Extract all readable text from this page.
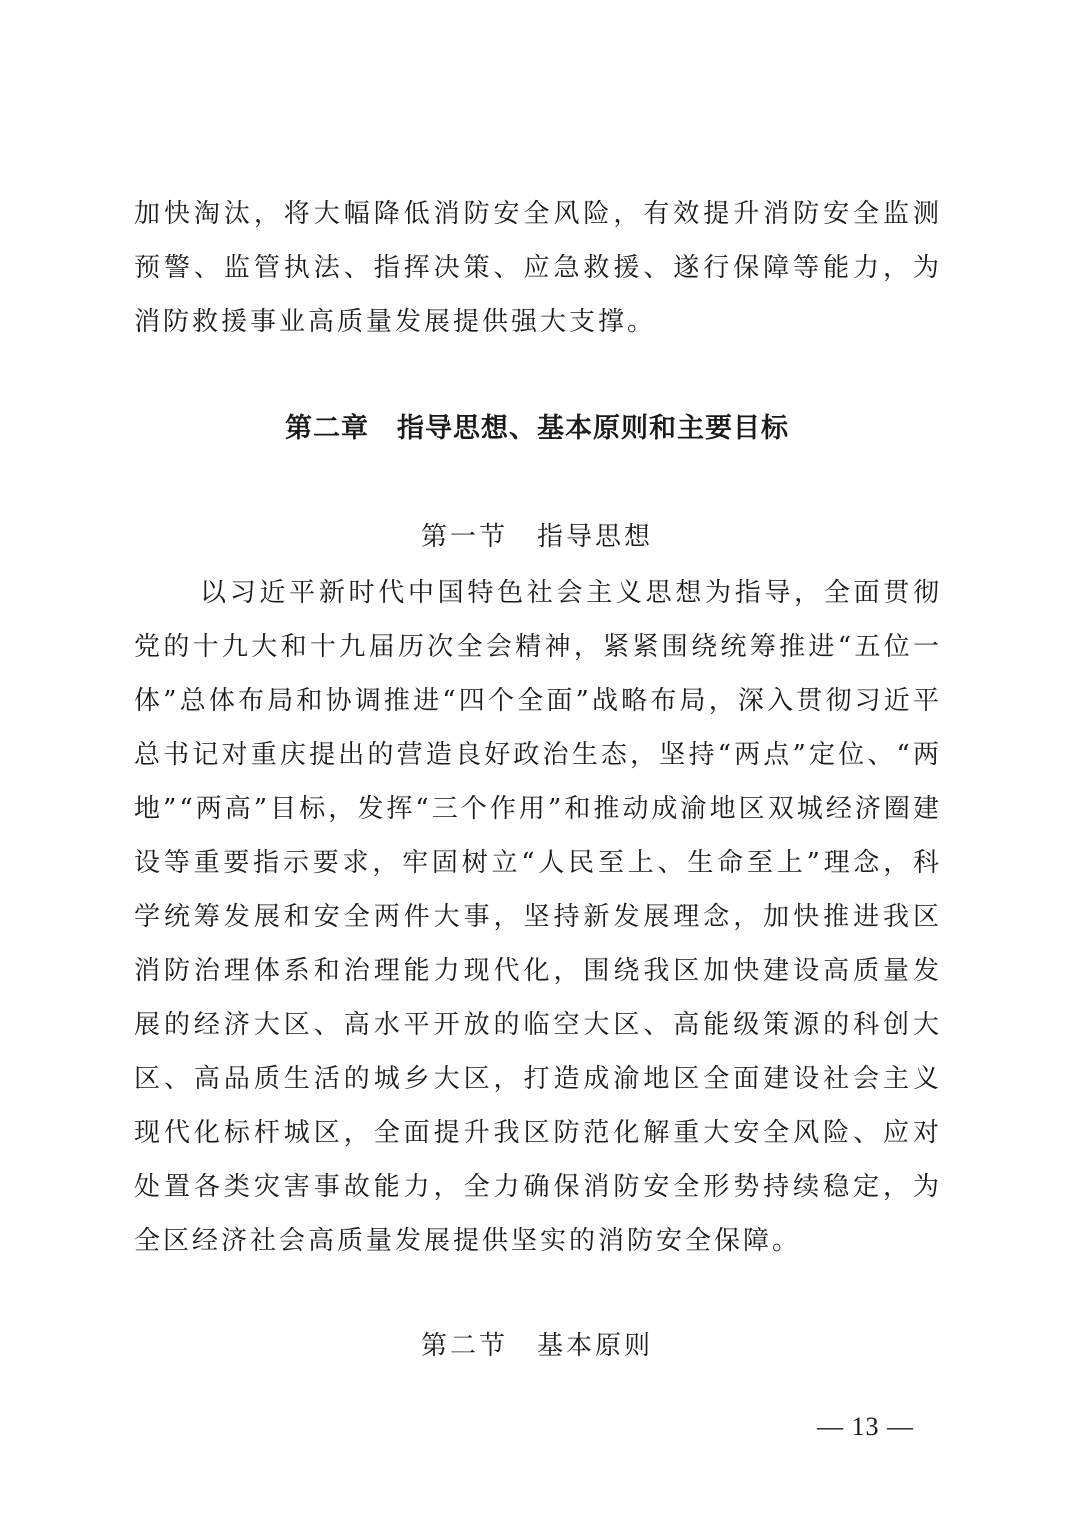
加快淘汰，将大幅降低消防安全风险，有效提升消防安全监测预警、监管执法、指挥决策、应急救援、遂行保障等能力，为消防救援事业高质量发展提供强大支撑。

第二章　指导思想、基本原则和主要目标
第一节　指导思想

以习近平新时代中国特色社会主义思想为指导，全面贯彻党的十九大和十九届历次全会精神，紧紧围绕统筹推进“五位一体”总体布局和协调推进“四个全面”战略布局，深入贯彻习近平总书记对重庆提出的营造良好政治生态，坚持“两点”定位、“两地”“两高”目标，发挥“三个作用”和推动成渝地区双城经济圈建设等重要指示要求，牢固树立“人民至上、生命至上”理念，科学统筹发展和安全两件大事，坚持新发展理念，加快推进我区消防治理体系和治理能力现代化，围绕我区加快建设高质量发展的经济大区、高水平开放的临空大区、高能级策源的科创大区、高品质生活的城乡大区，打造成渝地区全面建设社会主义现代化标杆城区，全面提升我区防范化解重大安全风险、应对处置各类灾害事故能力，全力确保消防安全形势持续稳定，为全区经济社会高质量发展提供坚实的消防安全保障。

第二节　基本原则
— 13 —
